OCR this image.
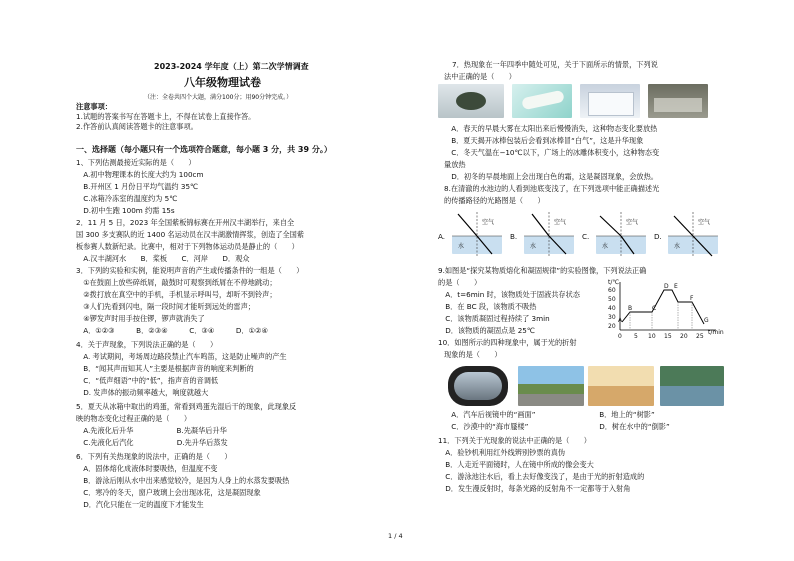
2023-2024 学年度（上）第二次学情调查
八年级物理试卷
（注：全卷共四个大题，满分100分；用90分钟完成。）
注意事项：
1.试题的答案书写在答题卡上，不得在试卷上直接作答。
2.作答前认真阅读答题卡的注意事项。
一、选择题（每小题只有一个选项符合题意，每小题 3 分，共 39 分。）
1、下列估测最接近实际的是（　　）
　A.初中物理课本的长度大约为 100cm
　B.开州区 1 月份日平均气温约 35℃
　C.冰箱冷冻室的温度约为 5℃
　D.初中生跑 100m 约需 15s
2．11 月 5 日，2023 年全国紫板锦标赛在开州汉丰湖举行，来自全
国 300 多支赛队的近 1400 名运动员在汉丰湖激情挥浆，创造了全国紫
板参赛人数新纪录。比赛中，相对于下列物体运动员是静止的（　　）
　A.汉丰湖河水　　B．桨板　　C．河岸　　D．观众
3．下列的实验和实例，能说明声音的产生或传播条件的一组是（　　）
　①在鼓面上放些碎纸屑，敲鼓时可观察到纸屑在不停地跳动；
　②拨打放在真空中的手机，手机显示呼叫号，却听不到铃声；
　③人们先看到闪电，隔一段时间才能听到远处的雷声；
　④锣发声时用手按住锣，锣声就消失了
　A．①②③　　　B．②③④　　　C．③④　　　D．①②④
4．关于声现象，下列说法正确的是（　　）
　A. 考试期间，考场周边路段禁止汽车鸣笛，这是防止噪声的产生
　B．“闻其声而知其人”主要是根据声音的响度来判断的
　C．“低声细语”中的“低”，指声音的音调低
　D. 发声体的振动频率越大，响度就越大
5．夏天从冰箱中取出的鸡蛋，常看到鸡蛋先湿后干的现象，此现象反
映的物态变化过程正确的是（　　）
　A.先液化后升华　　　　　　B.先凝华后升华
　C.先液化后汽化　　　　　　D.先升华后蒸发
6．下列有关热现象的说法中，正确的是（　　）
　A．固体熔化成液体时要吸热，但温度不变
　B．游泳后刚从水中出来感觉较冷，是因为人身上的水蒸发要吸热
　C．寒冷的冬天，窗户玻璃上会出现冰花，这是凝固现象
　D．汽化只能在一定的温度下才能发生
7．热现象在一年四季中随处可见，关于下面所示的情景，下列说
法中正确的是（　　）
　A．春天的早晨大雾在太阳出来后慢慢消失，这种物态变化要放热
　B．夏天揭开冰棒包装后会看到冰棒冒“白气”，这是升华现象
　C．冬天气温在−10℃以下，广场上的冰雕体积变小，这种物态变
量放热
　D．初冬的早晨地面上会出现白色的霜，这是凝固现象，会放热。
8.在清澈的水池边的人看到池底变浅了，在下列选项中能正确描述光
的传播路径的光路图是（　　）
A.
空气
水
B.
空气
水
C.
空气
水
D.
空气
水
9.如图是“探究某物质熔化和凝固规律”的实验图像，下列说法正确
的是（　　）
　A．t=6min 时，该物质处于固液共存状态
　B．在 BC 段，该物质不吸热
　C．该物质凝固过程持续了 3min
　D．该物质的凝固点是 25℃
t/℃
t/min
60
50
40
30
20
0 5 10 15 20 25
A
B	C
D E
F
G
10．如图所示的四种现象中，属于光的折射
现象的是（　　）
　A．汽车后视镜中的“画面”	　B．地上的“树影”
　C．沙漠中的“海市蜃楼”	　D．树在水中的“倒影”
11．下列关于光现象的说法中正确的是（　　）
　A．验钞机利用红外线辨别钞票的真伪
　B．人走近平面镜时，人在镜中所成的像会变大
　C．游泳池注水后，看上去好像变浅了，是由于光的折射造成的
　D．发生漫反射时，每条光路的反射角不一定都等于入射角
1 / 4
